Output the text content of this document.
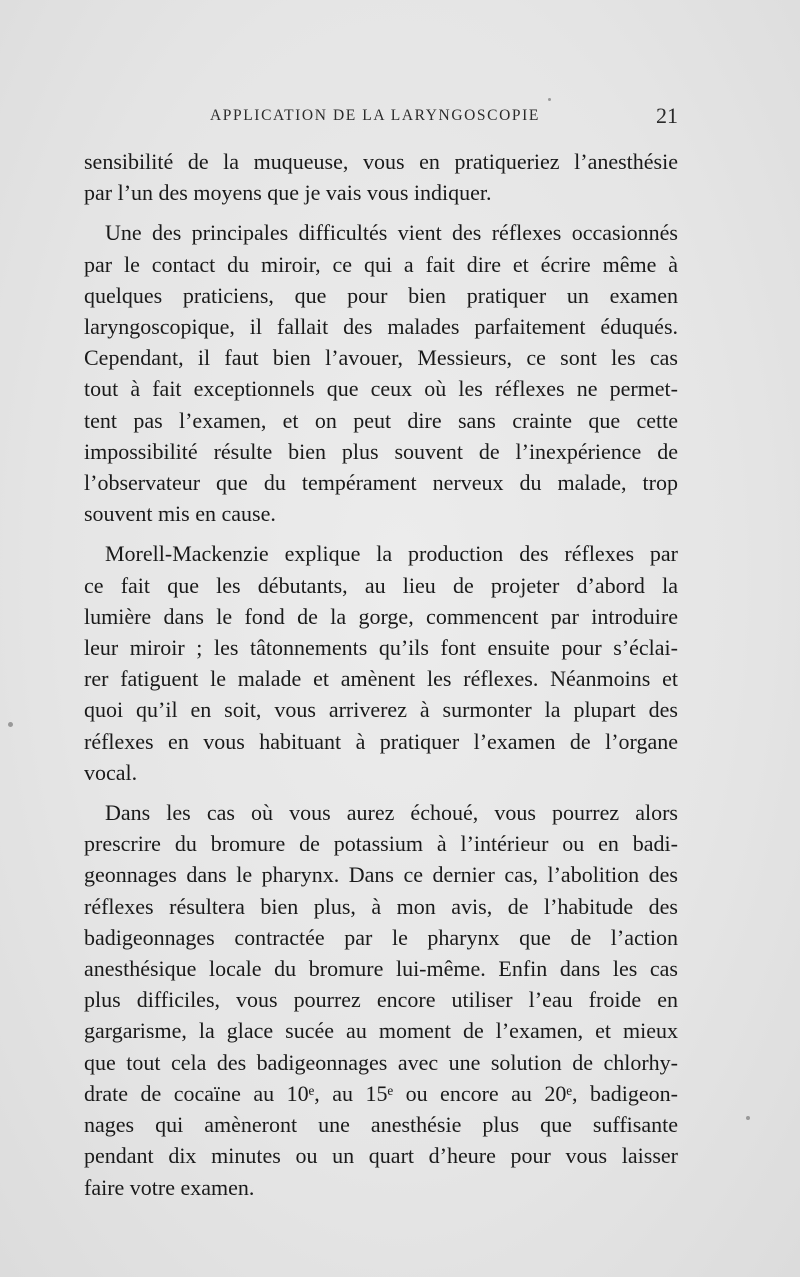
APPLICATION DE LA LARYNGOSCOPIE	21

sensibilité de la muqueuse, vous en pratiqueriez l’anesthésie
par l’un des moyens que je vais vous indiquer.

Une des principales difficultés vient des réflexes occasionnés
par le contact du miroir, ce qui a fait dire et écrire même à
quelques praticiens, que pour bien pratiquer un examen
laryngoscopique, il fallait des malades parfaitement éduqués.
Cependant, il faut bien l’avouer, Messieurs, ce sont les cas
tout à fait exceptionnels que ceux où les réflexes ne permet-
tent pas l’examen, et on peut dire sans crainte que cette
impossibilité résulte bien plus souvent de l’inexpérience de
l’observateur que du tempérament nerveux du malade, trop
souvent mis en cause.

Morell-Mackenzie explique la production des réflexes par
ce fait que les débutants, au lieu de projeter d’abord la
lumière dans le fond de la gorge, commencent par introduire
leur miroir ; les tâtonnements qu’ils font ensuite pour s’éclai-
rer fatiguent le malade et amènent les réflexes. Néanmoins et
quoi qu’il en soit, vous arriverez à surmonter la plupart des
réflexes en vous habituant à pratiquer l’examen de l’organe
vocal.

Dans les cas où vous aurez échoué, vous pourrez alors
prescrire du bromure de potassium à l’intérieur ou en badi-
geonnages dans le pharynx. Dans ce dernier cas, l’abolition des
réflexes résultera bien plus, à mon avis, de l’habitude des
badigeonnages contractée par le pharynx que de l’action
anesthésique locale du bromure lui-même. Enfin dans les cas
plus difficiles, vous pourrez encore utiliser l’eau froide en
gargarisme, la glace sucée au moment de l’examen, et mieux
que tout cela des badigeonnages avec une solution de chlorhy-
drate de cocaïne au 10ᵉ, au 15ᵉ ou encore au 20ᵉ, badigeon-
nages qui amèneront une anesthésie plus que suffisante
pendant dix minutes ou un quart d’heure pour vous laisser
faire votre examen.
